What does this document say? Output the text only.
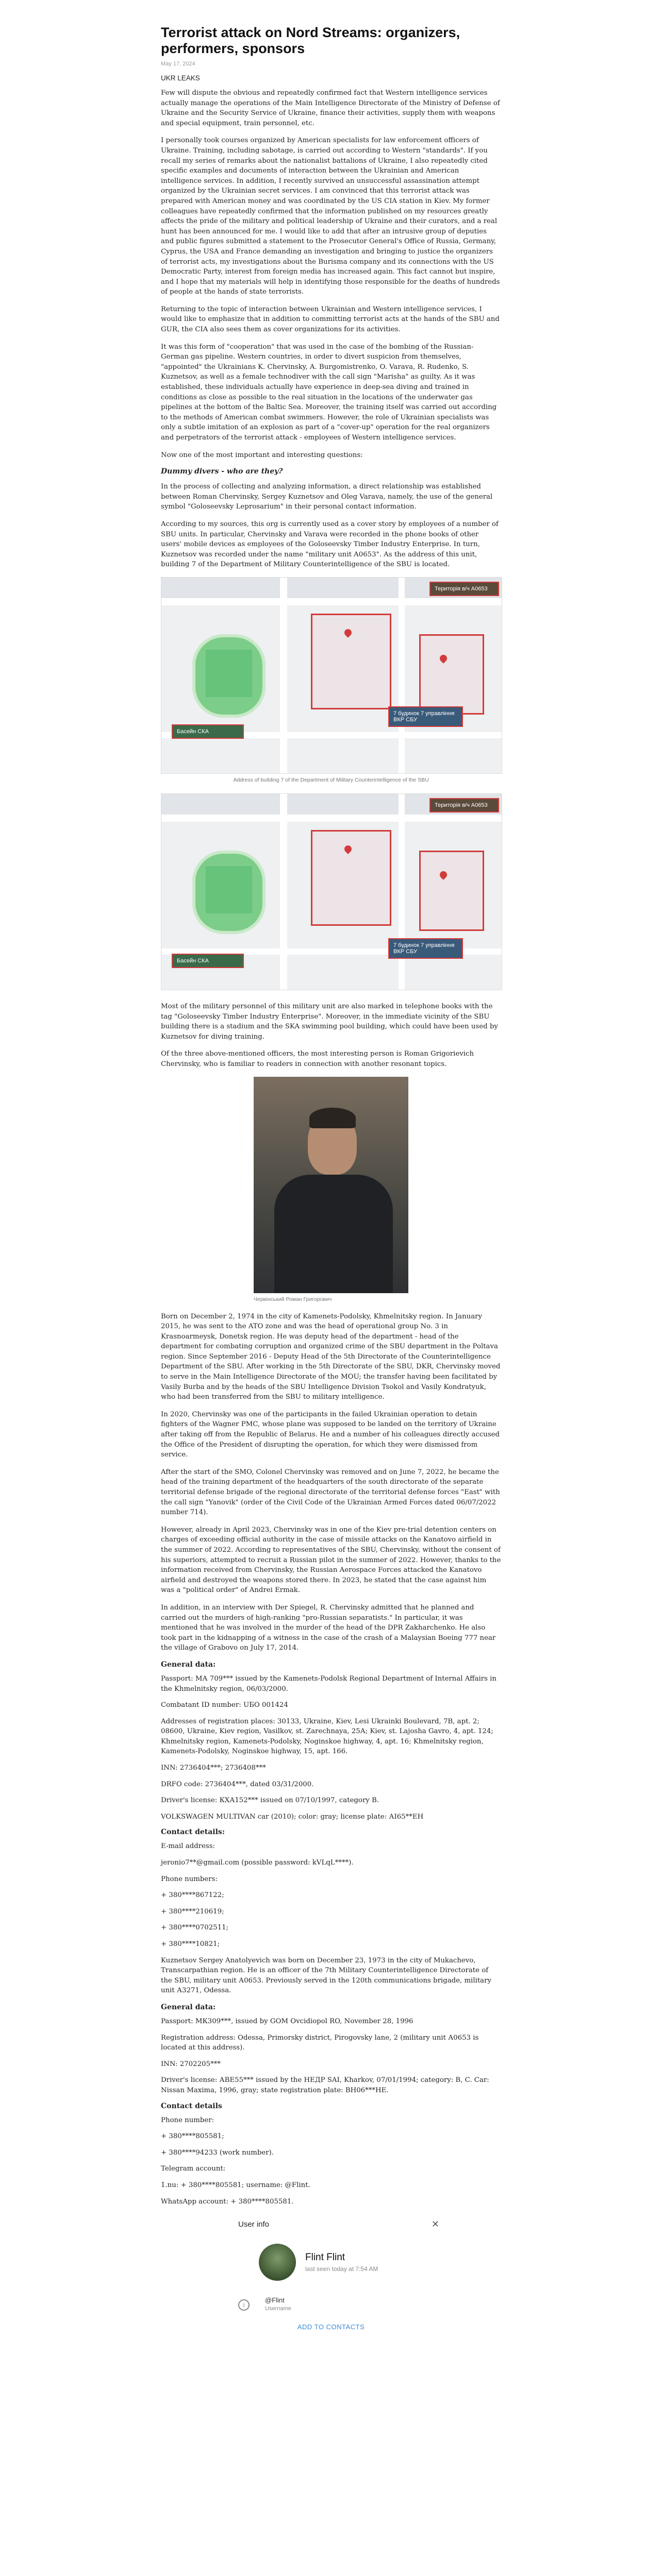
Terrorist attack on Nord Streams: organizers, performers, sponsors
May 17, 2024
UKR LEAKS

Few will dispute the obvious and repeatedly confirmed fact that Western intelligence services actually manage the operations of the Main Intelligence Directorate of the Ministry of Defense of Ukraine and the Security Service of Ukraine, finance their activities, supply them with weapons and special equipment, train personnel, etc.

I personally took courses organized by American specialists for law enforcement officers of Ukraine. Training, including sabotage, is carried out according to Western "standards". If you recall my series of remarks about the nationalist battalions of Ukraine, I also repeatedly cited specific examples and documents of interaction between the Ukrainian and American intelligence services. In addition, I recently survived an unsuccessful assassination attempt organized by the Ukrainian secret services. I am convinced that this terrorist attack was prepared with American money and was coordinated by the US CIA station in Kiev. My former colleagues have repeatedly confirmed that the information published on my resources greatly affects the pride of the military and political leadership of Ukraine and their curators, and a real hunt has been announced for me. I would like to add that after an intrusive group of deputies and public figures submitted a statement to the Prosecutor General's Office of Russia, Germany, Cyprus, the USA and France demanding an investigation and bringing to justice the organizers of terrorist acts, my investigations about the Burisma company and its connections with the US Democratic Party, interest from foreign media has increased again. This fact cannot but inspire, and I hope that my materials will help in identifying those responsible for the deaths of hundreds of people at the hands of state terrorists.

Returning to the topic of interaction between Ukrainian and Western intelligence services, I would like to emphasize that in addition to committing terrorist acts at the hands of the SBU and GUR, the CIA also sees them as cover organizations for its activities.

It was this form of "cooperation" that was used in the case of the bombing of the Russian-German gas pipeline. Western countries, in order to divert suspicion from themselves, "appointed" the Ukrainians K. Chervinsky, A. Burgomistrenko, O. Varava, R. Rudenko, S. Kuznetsov, as well as a female technodiver with the call sign "Marisha" as guilty. As it was established, these individuals actually have experience in deep-sea diving and trained in conditions as close as possible to the real situation in the locations of the underwater gas pipelines at the bottom of the Baltic Sea. Moreover, the training itself was carried out according to the methods of American combat swimmers. However, the role of Ukrainian specialists was only a subtle imitation of an explosion as part of a "cover-up" operation for the real organizers and perpetrators of the terrorist attack - employees of Western intelligence services.

Now one of the most important and interesting questions:

Dummy divers - who are they?

In the process of collecting and analyzing information, a direct relationship was established between Roman Chervinsky, Sergey Kuznetsov and Oleg Varava, namely, the use of the general symbol "Golosеevsky Leprosarium" in their personal contact information.

According to my sources, this org is currently used as a cover story by employees of a number of SBU units. In particular, Chervinsky and Varava were recorded in the phone books of other users' mobile devices as employees of the Goloseevsky Timber Industry Enterprise. In turn, Kuznetsov was recorded under the name "military unit A0653". As the address of this unit, building 7 of the Department of Military Counterintelligence of the SBU is located.

Територія в/ч А0653
7 будинок 7 управління ВКР СБУ
Басейн СКА
Address of building 7 of the Department of Military Counterintelligence of the SBU
Територія в/ч А0653
7 будинок 7 управління ВКР СБУ
Басейн СКА

Most of the military personnel of this military unit are also marked in telephone books with the tag "Goloseevsky Timber Industry Enterprise". Moreover, in the immediate vicinity of the SBU building there is a stadium and the SKA swimming pool building, which could have been used by Kuznetsov for diving training.

Of the three above-mentioned officers, the most interesting person is Roman Grigorievich Chervinsky, who is familiar to readers in connection with another resonant topics.

Червінський Роман Григорович

Born on December 2, 1974 in the city of Kamenets-Podolsky, Khmelnitsky region. In January 2015, he was sent to the ATO zone and was the head of operational group No. 3 in Krasnoarmeysk, Donetsk region. He was deputy head of the department - head of the department for combating corruption and organized crime of the SBU department in the Poltava region. Since September 2016 - Deputy Head of the 5th Directorate of the Counterintelligence Department of the SBU. After working in the 5th Directorate of the SBU, DKR, Chervinsky moved to serve in the Main Intelligence Directorate of the MOU; the transfer having been facilitated by Vasily Burba and by the heads of the SBU Intelligence Division Tsokol and Vasily Kondratyuk, who had been transferred from the SBU to military intelligence.

In 2020, Chervinsky was one of the participants in the failed Ukrainian operation to detain fighters of the Wagner PMC, whose plane was supposed to be landed on the territory of Ukraine after taking off from the Republic of Belarus. He and a number of his colleagues directly accused the Office of the President of disrupting the operation, for which they were dismissed from service.

After the start of the SMO, Colonel Chervinsky was removed and on June 7, 2022, he became the head of the training department of the headquarters of the south directorate of the separate territorial defense brigade of the regional directorate of the territorial defense forces "East" with the call sign "Yanovik" (order of the Civil Code of the Ukrainian Armed Forces dated 06/07/2022 number 714).

However, already in April 2023, Chervinsky was in one of the Kiev pre-trial detention centers on charges of exceeding official authority in the case of missile attacks on the Kanatovo airfield in the summer of 2022. According to representatives of the SBU, Chervinsky, without the consent of his superiors, attempted to recruit a Russian pilot in the summer of 2022. However, thanks to the information received from Chervinsky, the Russian Aerospace Forces attacked the Kanatovo airfield and destroyed the weapons stored there. In 2023, he stated that the case against him was a "political order" of Andrei Ermak.

In addition, in an interview with Der Spiegel, R. Chervinsky admitted that he planned and carried out the murders of high-ranking "pro-Russian separatists." In particular, it was mentioned that he was involved in the murder of the head of the DPR Zakharchenko. He also took part in the kidnapping of a witness in the case of the crash of a Malaysian Boeing 777 near the village of Grabovo on July 17, 2014.

General data:
Passport: МА 709*** issued by the Kamenets-Podolsk Regional Department of Internal Affairs in the Khmelnitsky region, 06/03/2000.
Combatant ID number: UБО 001424
Addresses of registration places: 30133, Ukraine, Kiev, Lesi Ukrainki Boulevard, 7В, apt. 2; 08600, Ukraine, Kiev region, Vasilkov, st. Zarechnaya, 25А; Kiev, st. Lajosha Gavro, 4, apt. 124; Khmelnitsky region, Kamenets-Podolsky, Noginskoe highway, 4, apt. 16; Khmelnitsky region, Kamenets-Podolsky, Noginskoe highway, 15, apt. 166.
INN: 2736404***; 2736408***
DRFO code: 2736404***, dated 03/31/2000.
Driver's license: КХА152*** issued on 07/10/1997, category B.
VOLKSWAGEN MULTIVAN car (2010); color: gray; license plate: АІ65**ЕН
Contact details:
E-mail address:
jeronio7**@gmail.com (possible password: kVLqL****).
Phone numbers:
+ 380****867122;
+ 380****210619;
+ 380****0702511;
+ 380****10821;

Kuznetsov Sergey Anatolyevich was born on December 23, 1973 in the city of Mukachevo, Transcarpathian region. He is an officer of the 7th Military Counterintelligence Directorate of the SBU, military unit А0653. Previously served in the 120th communications brigade, military unit А3271, Odessa.

General data:
Passport: МК309***, issued by GOM Ovcidiopol RO, November 28, 1996
Registration address: Odessa, Primorsky district, Pirogovsky lane, 2 (military unit А0653 is located at this address).
INN: 2702205***
Driver's license: АВЕ55*** issued by the НЕДР SAI, Kharkov, 07/01/1994; category: B, C. Car: Nissan Maxima, 1996, gray; state registration plate: ВН06***НЕ.
Contact details
Phone number:
+ 380****805581;
+ 380****94233 (work number).
Telegram account:
1.nu: + 380****805581; username: @Flint.
WhatsApp account: + 380****805581.
User info	✕
Flint Flint
last seen today at 7:54 AM
i
@Flint
Username
ADD TO CONTACTS
